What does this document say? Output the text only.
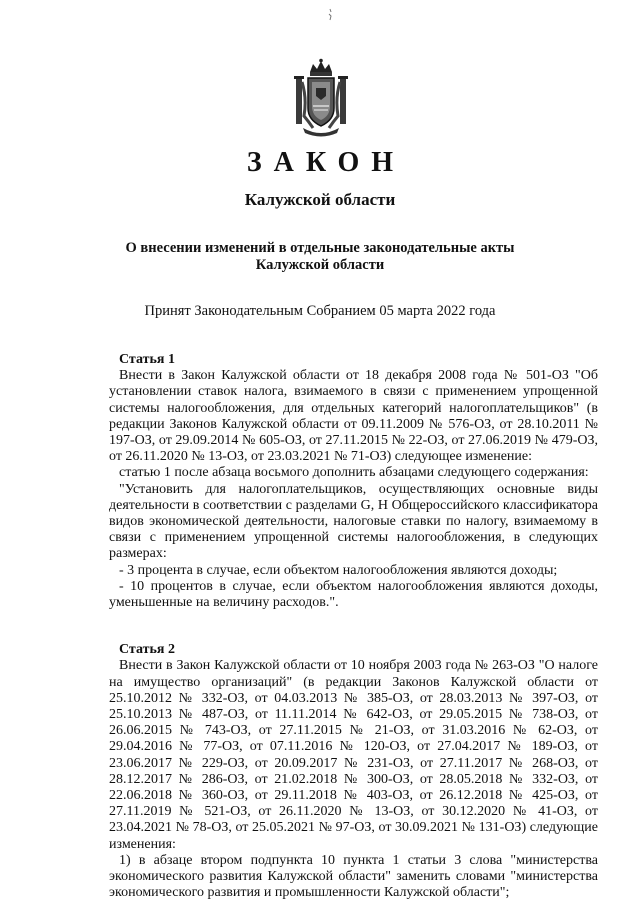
ЗАКОН
Калужской области
О внесении изменений в отдельные законодательные акты
Калужской области
Принят Законодательным Собранием 05 марта 2022 года

Статья 1

Внести в Закон Калужской области от 18 декабря 2008 года № 501-ОЗ "Об установлении ставок налога, взимаемого в связи с применением упрощенной системы налогообложения, для отдельных категорий налогоплательщиков" (в редакции Законов Калужской области от 09.11.2009 № 576-ОЗ, от 28.10.2011 № 197-ОЗ, от 29.09.2014 № 605-ОЗ, от 27.11.2015 № 22-ОЗ, от 27.06.2019 № 479-ОЗ, от 26.11.2020 № 13-ОЗ, от 23.03.2021 № 71-ОЗ) следующее изменение:

статью 1 после абзаца восьмого дополнить абзацами следующего содержания:

"Установить для налогоплательщиков, осуществляющих основные виды деятельности в соответствии с разделами G, H Общероссийского классификатора видов экономической деятельности, налоговые ставки по налогу, взимаемому в связи с применением упрощенной системы налогообложения, в следующих размерах:

- 3 процента в случае, если объектом налогообложения являются доходы;

- 10 процентов в случае, если объектом налогообложения являются доходы, уменьшенные на величину расходов.".

Статья 2

Внести в Закон Калужской области от 10 ноября 2003 года № 263-ОЗ "О налоге на имущество организаций" (в редакции Законов Калужской области от 25.10.2012 № 332-ОЗ, от 04.03.2013 № 385-ОЗ, от 28.03.2013 № 397-ОЗ, от 25.10.2013 № 487-ОЗ, от 11.11.2014 № 642-ОЗ, от 29.05.2015 № 738-ОЗ, от 26.06.2015 № 743-ОЗ, от 27.11.2015 № 21-ОЗ, от 31.03.2016 № 62-ОЗ, от 29.04.2016 № 77-ОЗ, от 07.11.2016 № 120-ОЗ, от 27.04.2017 № 189-ОЗ, от 23.06.2017 № 229-ОЗ, от 20.09.2017 № 231-ОЗ, от 27.11.2017 № 268-ОЗ, от 28.12.2017 № 286-ОЗ, от 21.02.2018 № 300-ОЗ, от 28.05.2018 № 332-ОЗ, от 22.06.2018 № 360-ОЗ, от 29.11.2018 № 403-ОЗ, от 26.12.2018 № 425-ОЗ, от 27.11.2019 № 521-ОЗ, от 26.11.2020 № 13-ОЗ, от 30.12.2020 № 41-ОЗ, от 23.04.2021 № 78-ОЗ, от 25.05.2021 № 97-ОЗ, от 30.09.2021 № 131-ОЗ) следующие изменения:

1) в абзаце втором подпункта 10 пункта 1 статьи 3 слова "министерства экономического развития Калужской области" заменить словами "министерства экономического развития и промышленности Калужской области";
